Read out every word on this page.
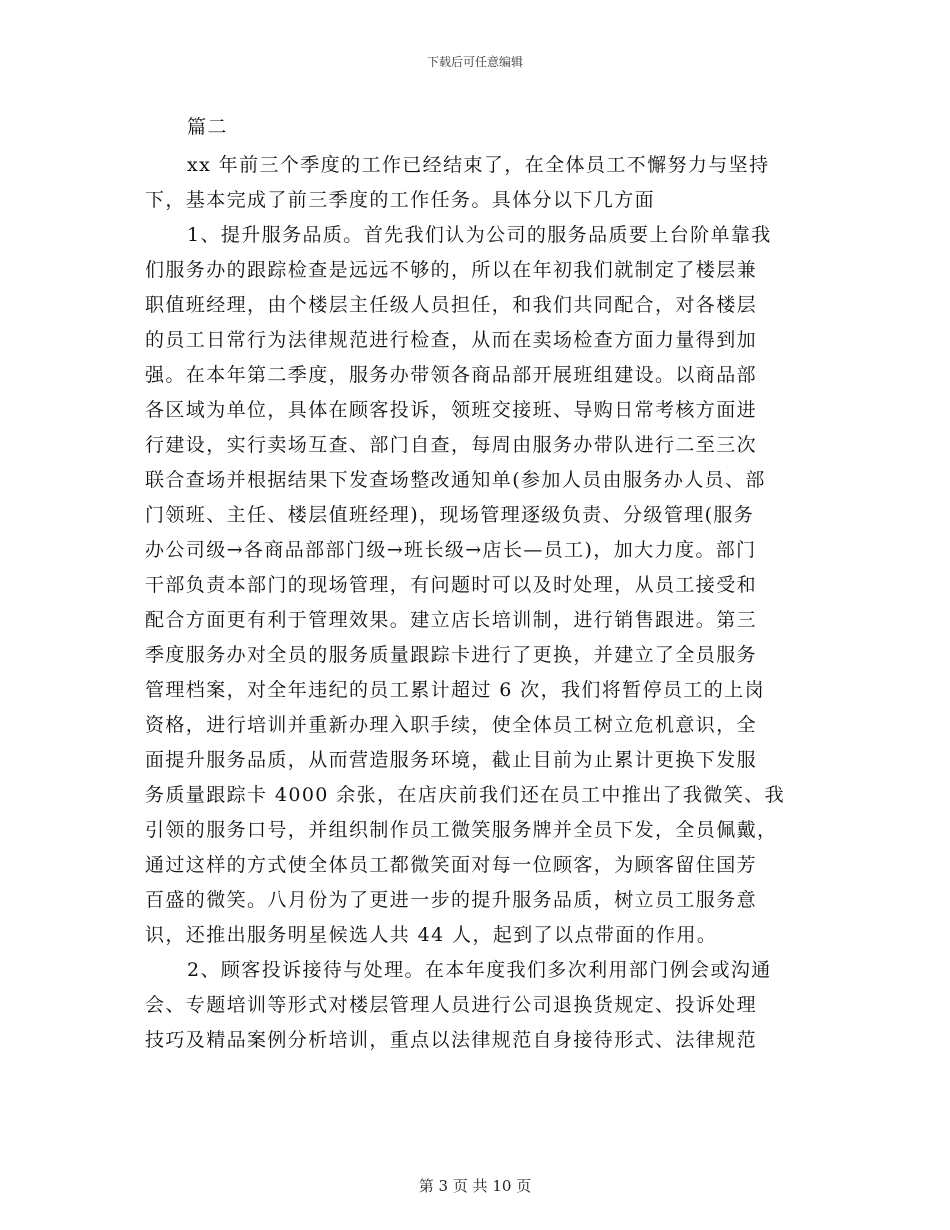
下载后可任意编辑
篇二
xx 年前三个季度的工作已经结束了，在全体员工不懈努力与坚持
下，基本完成了前三季度的工作任务。具体分以下几方面
1、提升服务品质。首先我们认为公司的服务品质要上台阶单靠我
们服务办的跟踪检查是远远不够的，所以在年初我们就制定了楼层兼
职值班经理，由个楼层主任级人员担任，和我们共同配合，对各楼层
的员工日常行为法律规范进行检查，从而在卖场检查方面力量得到加
强。在本年第二季度，服务办带领各商品部开展班组建设。以商品部
各区域为单位，具体在顾客投诉，领班交接班、导购日常考核方面进
行建设，实行卖场互查、部门自查，每周由服务办带队进行二至三次
联合查场并根据结果下发查场整改通知单(参加人员由服务办人员、部
门领班、主任、楼层值班经理)，现场管理逐级负责、分级管理(服务
办公司级→各商品部部门级→班长级→店长—员工)，加大力度。部门
干部负责本部门的现场管理，有问题时可以及时处理，从员工接受和
配合方面更有利于管理效果。建立店长培训制，进行销售跟进。第三
季度服务办对全员的服务质量跟踪卡进行了更换，并建立了全员服务
管理档案，对全年违纪的员工累计超过 6 次，我们将暂停员工的上岗
资格，进行培训并重新办理入职手续，使全体员工树立危机意识，全
面提升服务品质，从而营造服务环境，截止目前为止累计更换下发服
务质量跟踪卡 4000 余张，在店庆前我们还在员工中推出了我微笑、我
引领的服务口号，并组织制作员工微笑服务牌并全员下发，全员佩戴，
通过这样的方式使全体员工都微笑面对每一位顾客，为顾客留住国芳
百盛的微笑。八月份为了更进一步的提升服务品质，树立员工服务意
识，还推出服务明星候选人共 44 人，起到了以点带面的作用。
2、顾客投诉接待与处理。在本年度我们多次利用部门例会或沟通
会、专题培训等形式对楼层管理人员进行公司退换货规定、投诉处理
技巧及精品案例分析培训，重点以法律规范自身接待形式、法律规范
第 3 页 共 10 页
